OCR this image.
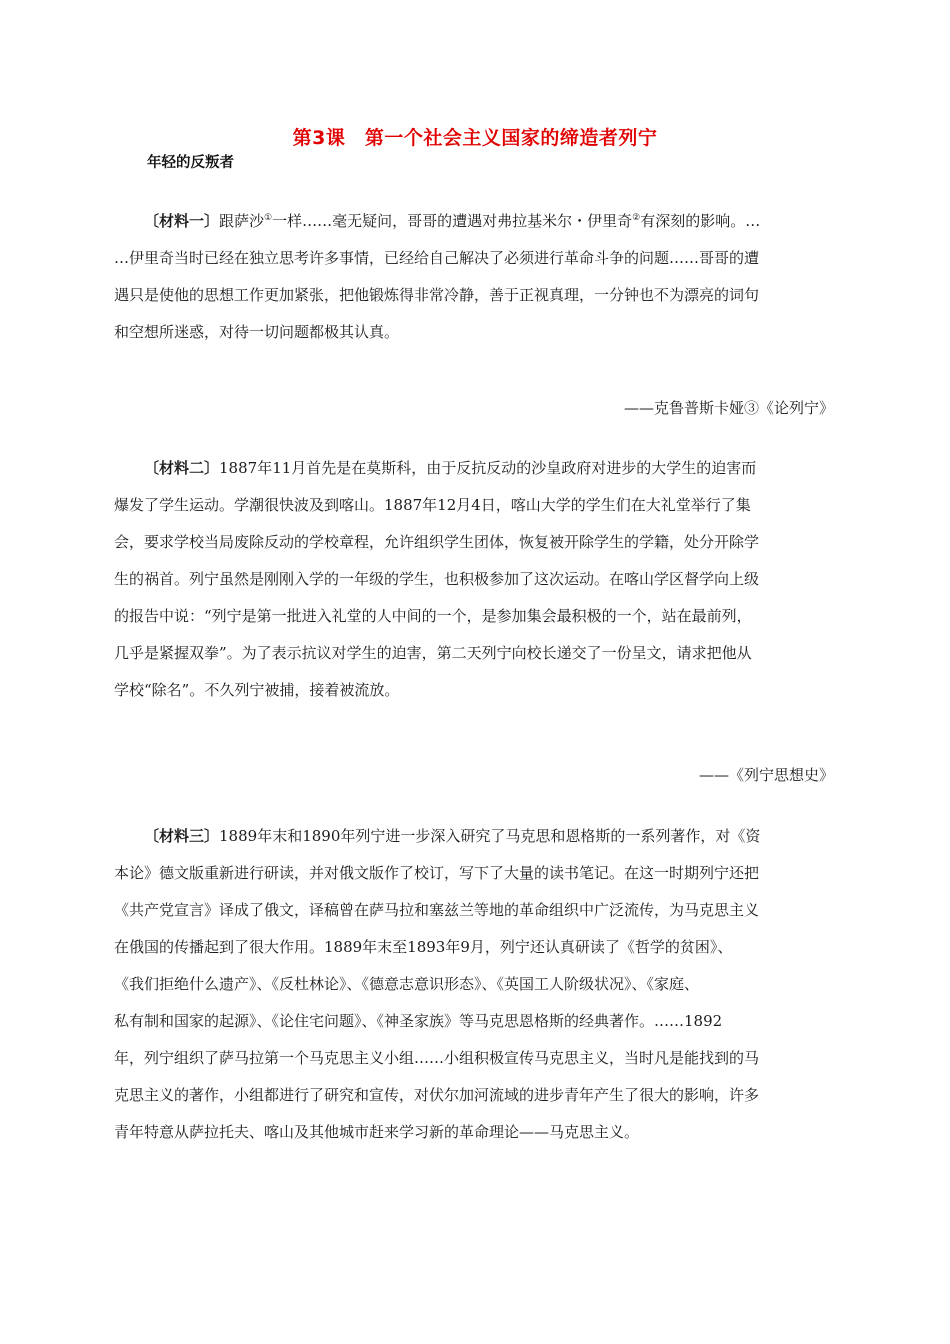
第3课　第一个社会主义国家的缔造者列宁
年轻的反叛者
〔材料一〕跟萨沙①一样……毫无疑问，哥哥的遭遇对弗拉基米尔・伊里奇②有深刻的影响。…
…伊里奇当时已经在独立思考许多事情，已经给自己解决了必须进行革命斗争的问题……哥哥的遭
遇只是使他的思想工作更加紧张，把他锻炼得非常冷静，善于正视真理，一分钟也不为漂亮的词句
和空想所迷惑，对待一切问题都极其认真。
——克鲁普斯卡娅③《论列宁》
〔材料二〕1887年11月首先是在莫斯科，由于反抗反动的沙皇政府对进步的大学生的迫害而
爆发了学生运动。学潮很快波及到喀山。1887年12月4日，喀山大学的学生们在大礼堂举行了集
会，要求学校当局废除反动的学校章程，允许组织学生团体，恢复被开除学生的学籍，处分开除学
生的祸首。列宁虽然是刚刚入学的一年级的学生，也积极参加了这次运动。在喀山学区督学向上级
的报告中说：“列宁是第一批进入礼堂的人中间的一个，是参加集会最积极的一个，站在最前列，
几乎是紧握双拳”。为了表示抗议对学生的迫害，第二天列宁向校长递交了一份呈文，请求把他从
学校“除名”。不久列宁被捕，接着被流放。
——《列宁思想史》
〔材料三〕1889年末和1890年列宁进一步深入研究了马克思和恩格斯的一系列著作，对《资
本论》德文版重新进行研读，并对俄文版作了校订，写下了大量的读书笔记。在这一时期列宁还把
《共产党宣言》译成了俄文，译稿曾在萨马拉和塞兹兰等地的革命组织中广泛流传，为马克思主义
在俄国的传播起到了很大作用。1889年末至1893年9月，列宁还认真研读了《哲学的贫困》、
《我们拒绝什么遗产》、《反杜林论》、《德意志意识形态》、《英国工人阶级状况》、《家庭、
私有制和国家的起源》、《论住宅问题》、《神圣家族》等马克思恩格斯的经典著作。……1892
年，列宁组织了萨马拉第一个马克思主义小组……小组积极宣传马克思主义，当时凡是能找到的马
克思主义的著作，小组都进行了研究和宣传，对伏尔加河流域的进步青年产生了很大的影响，许多
青年特意从萨拉托夫、喀山及其他城市赶来学习新的革命理论——马克思主义。
